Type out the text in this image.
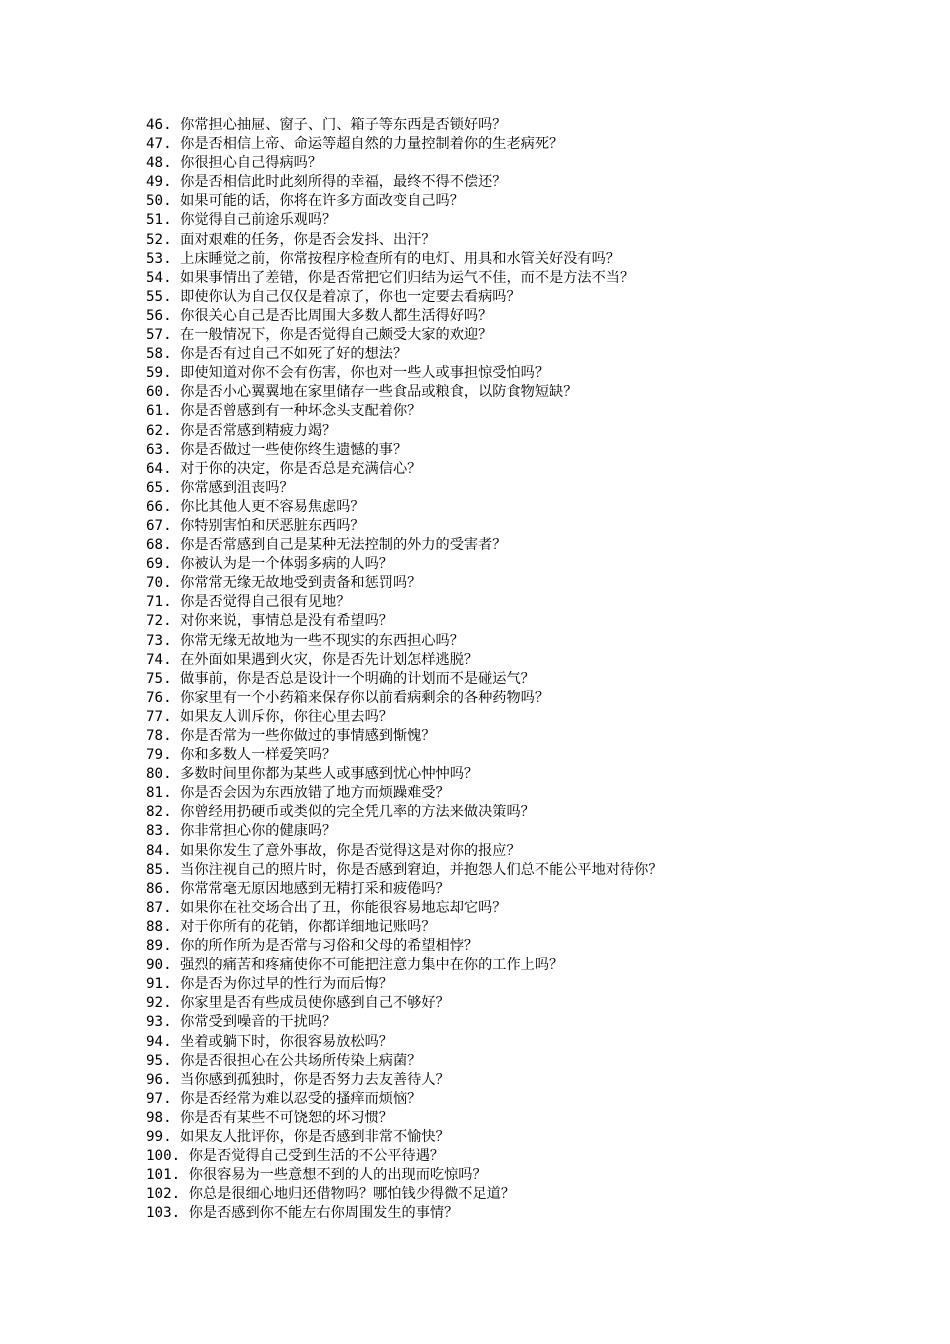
46. 你常担心抽屉、窗子、门、箱子等东西是否锁好吗？
47. 你是否相信上帝、命运等超自然的力量控制着你的生老病死？
48. 你很担心自己得病吗？
49. 你是否相信此时此刻所得的幸福，最终不得不偿还？
50. 如果可能的话，你将在许多方面改变自己吗？
51. 你觉得自己前途乐观吗？
52. 面对艰难的任务，你是否会发抖、出汗？
53. 上床睡觉之前，你常按程序检查所有的电灯、用具和水管关好没有吗？
54. 如果事情出了差错，你是否常把它们归结为运气不佳，而不是方法不当？
55. 即使你认为自己仅仅是着凉了，你也一定要去看病吗？
56. 你很关心自己是否比周围大多数人都生活得好吗？
57. 在一般情况下，你是否觉得自己颇受大家的欢迎？
58. 你是否有过自己不如死了好的想法？
59. 即使知道对你不会有伤害，你也对一些人或事担惊受怕吗？
60. 你是否小心翼翼地在家里储存一些食品或粮食，以防食物短缺？
61. 你是否曾感到有一种坏念头支配着你？
62. 你是否常感到精疲力竭？
63. 你是否做过一些使你终生遗憾的事？
64. 对于你的决定，你是否总是充满信心？
65. 你常感到沮丧吗？
66. 你比其他人更不容易焦虑吗？
67. 你特别害怕和厌恶脏东西吗？
68. 你是否常感到自己是某种无法控制的外力的受害者？
69. 你被认为是一个体弱多病的人吗？
70. 你常常无缘无故地受到责备和惩罚吗？
71. 你是否觉得自己很有见地？
72. 对你来说，事情总是没有希望吗？
73. 你常无缘无故地为一些不现实的东西担心吗？
74. 在外面如果遇到火灾，你是否先计划怎样逃脱？
75. 做事前，你是否总是设计一个明确的计划而不是碰运气？
76. 你家里有一个小药箱来保存你以前看病剩余的各种药物吗？
77. 如果友人训斥你，你往心里去吗？
78. 你是否常为一些你做过的事情感到惭愧？
79. 你和多数人一样爱笑吗？
80. 多数时间里你都为某些人或事感到忧心忡忡吗？
81. 你是否会因为东西放错了地方而烦躁难受？
82. 你曾经用扔硬币或类似的完全凭几率的方法来做决策吗？
83. 你非常担心你的健康吗？
84. 如果你发生了意外事故，你是否觉得这是对你的报应？
85. 当你注视自己的照片时，你是否感到窘迫，并抱怨人们总不能公平地对待你？
86. 你常常毫无原因地感到无精打采和疲倦吗？
87. 如果你在社交场合出了丑，你能很容易地忘却它吗？
88. 对于你所有的花销，你都详细地记账吗？
89. 你的所作所为是否常与习俗和父母的希望相悖？
90. 强烈的痛苦和疼痛使你不可能把注意力集中在你的工作上吗？
91. 你是否为你过早的性行为而后悔？
92. 你家里是否有些成员使你感到自己不够好？
93. 你常受到噪音的干扰吗？
94. 坐着或躺下时，你很容易放松吗？
95. 你是否很担心在公共场所传染上病菌？
96. 当你感到孤独时，你是否努力去友善待人？
97. 你是否经常为难以忍受的搔痒而烦恼？
98. 你是否有某些不可饶恕的坏习惯？
99. 如果友人批评你，你是否感到非常不愉快？
100. 你是否觉得自己受到生活的不公平待遇？
101. 你很容易为一些意想不到的人的出现而吃惊吗？
102. 你总是很细心地归还借物吗？哪怕钱少得微不足道？
103. 你是否感到你不能左右你周围发生的事情？
